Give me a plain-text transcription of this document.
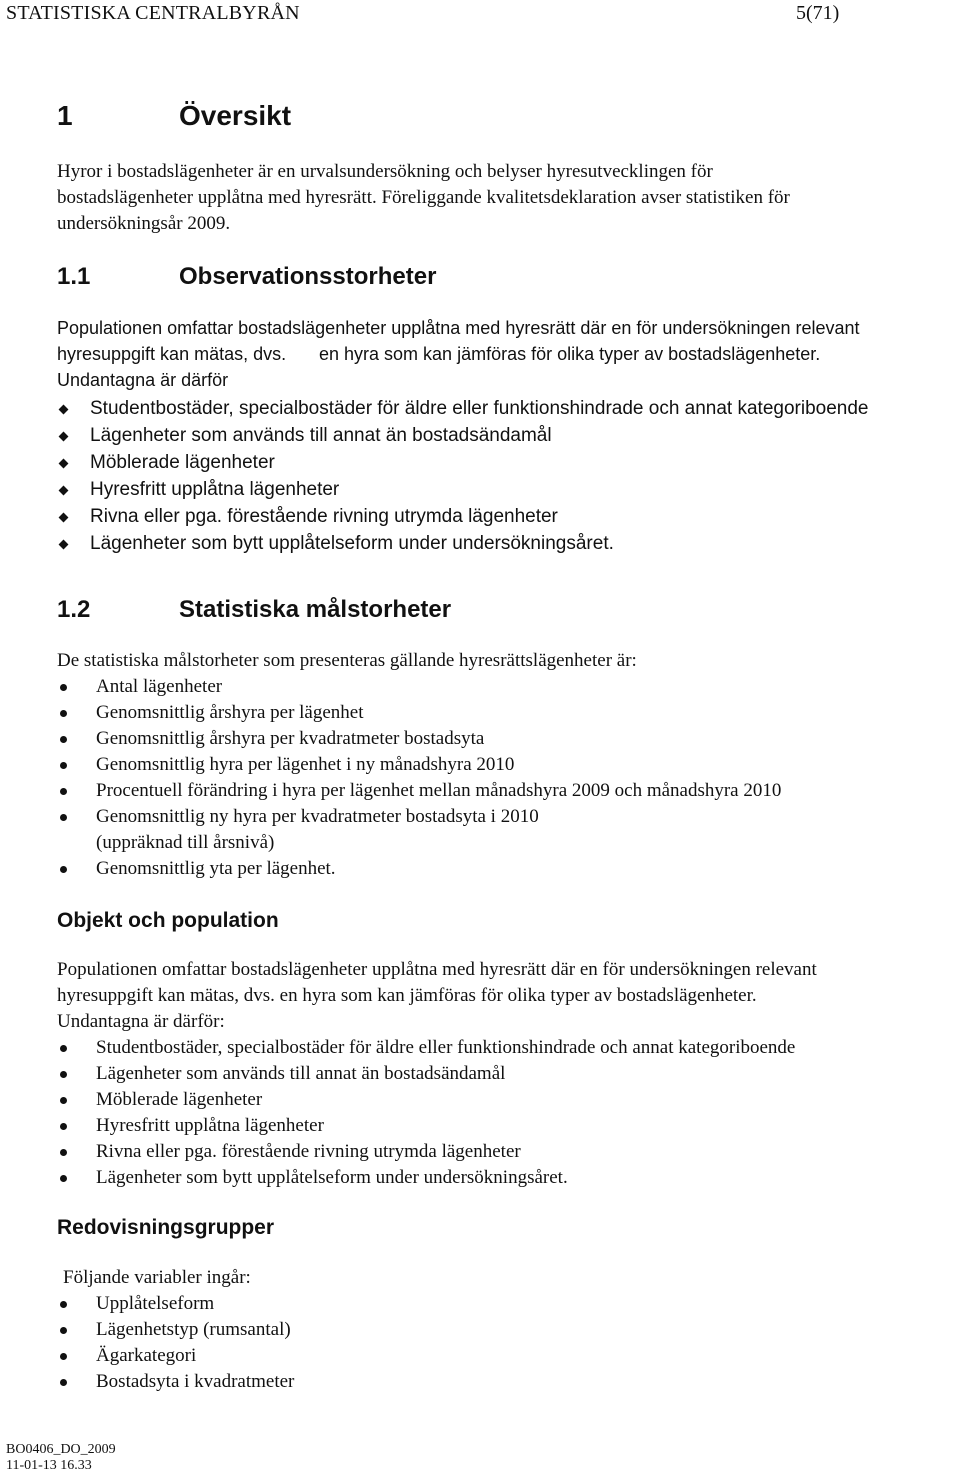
STATISTISKA CENTRALBYRÅN	5(71)
1	Översikt
Hyror i bostadslägenheter är en urvalsundersökning och belyser hyresutvecklingen för
bostadslägenheter upplåtna med hyresrätt. Föreliggande kvalitetsdeklaration avser statistiken för
undersökningsår 2009.
1.1	Observationsstorheter
Populationen omfattar bostadslägenheter upplåtna med hyresrätt där en för undersökningen relevant
hyresuppgift kan mätas, dvs. en hyra som kan jämföras för olika typer av bostadslägenheter.
Undantagna är därför
Studentbostäder, specialbostäder för äldre eller funktionshindrade och annat kategoriboende
Lägenheter som används till annat än bostadsändamål
Möblerade lägenheter
Hyresfritt upplåtna lägenheter
Rivna eller pga. förestående rivning utrymda lägenheter
Lägenheter som bytt upplåtelseform under undersökningsåret.
1.2	Statistiska målstorheter
De statistiska målstorheter som presenteras gällande hyresrättslägenheter är:
Antal lägenheter
Genomsnittlig årshyra per lägenhet
Genomsnittlig årshyra per kvadratmeter bostadsyta
Genomsnittlig hyra per lägenhet i ny månadshyra 2010
Procentuell förändring i hyra per lägenhet mellan månadshyra 2009 och månadshyra 2010
Genomsnittlig ny hyra per kvadratmeter bostadsyta i 2010
(uppräknad till årsnivå)
Genomsnittlig yta per lägenhet.
Objekt och population
Populationen omfattar bostadslägenheter upplåtna med hyresrätt där en för undersökningen relevant
hyresuppgift kan mätas, dvs. en hyra som kan jämföras för olika typer av bostadslägenheter.
Undantagna är därför:
Studentbostäder, specialbostäder för äldre eller funktionshindrade och annat kategoriboende
Lägenheter som används till annat än bostadsändamål
Möblerade lägenheter
Hyresfritt upplåtna lägenheter
Rivna eller pga. förestående rivning utrymda lägenheter
Lägenheter som bytt upplåtelseform under undersökningsåret.
Redovisningsgrupper
Följande variabler ingår:
Upplåtelseform
Lägenhetstyp (rumsantal)
Ägarkategori
Bostadsyta i kvadratmeter
BO0406_DO_2009
11-01-13 16.33
